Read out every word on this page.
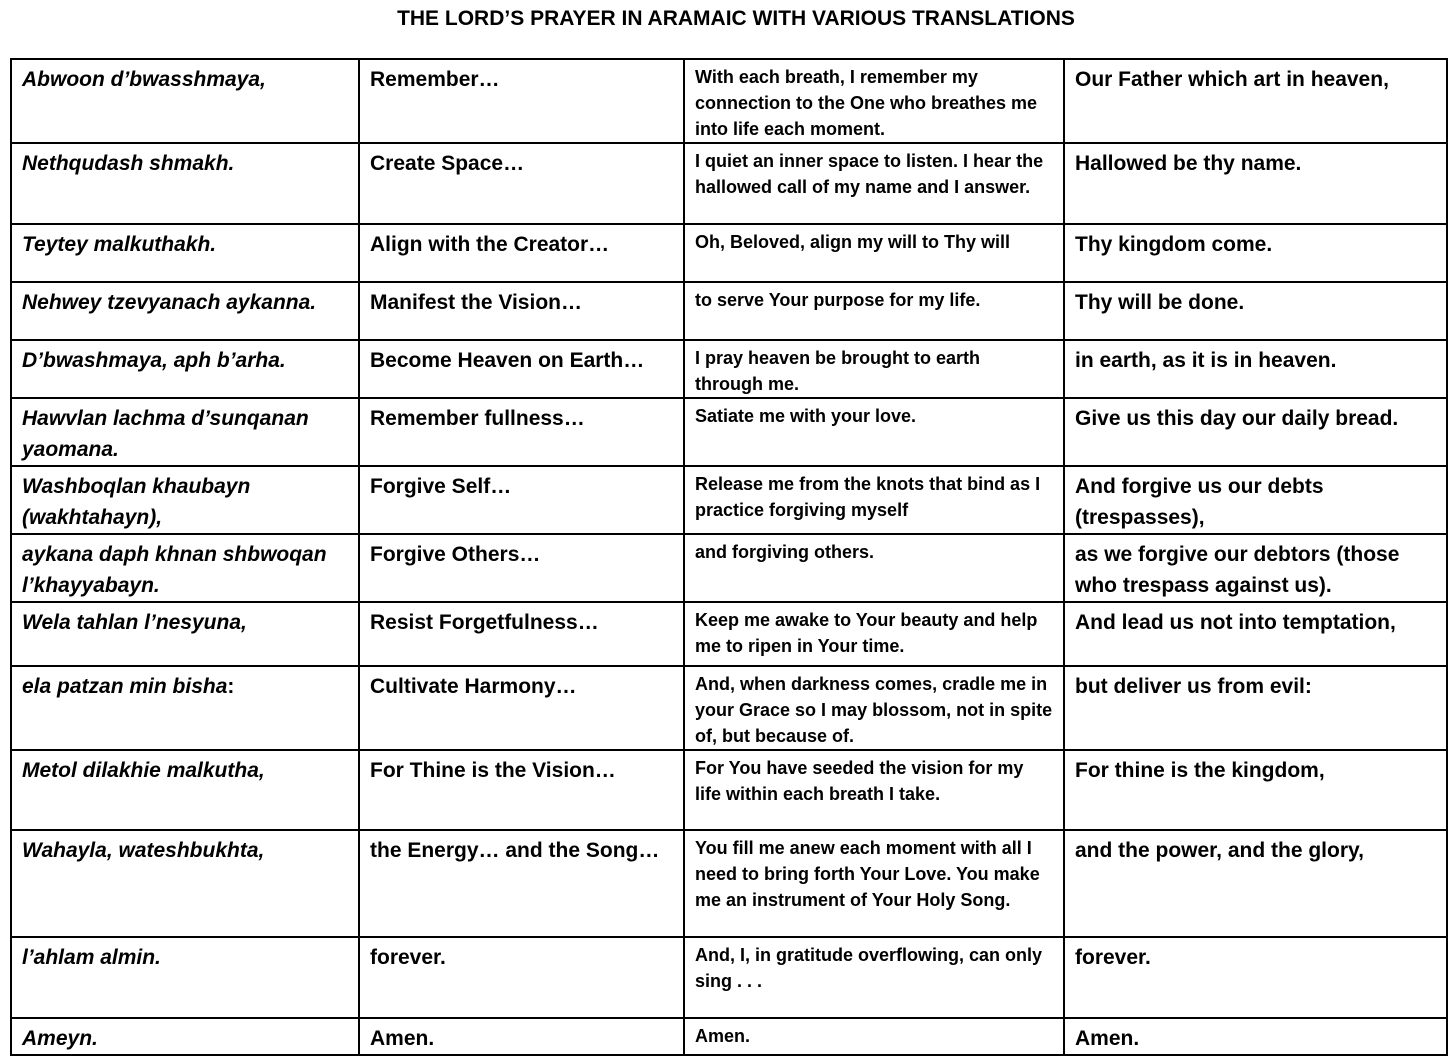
THE LORD’S PRAYER IN ARAMAIC WITH VARIOUS TRANSLATIONS
Abwoon d’bwasshmaya,	Remember…	With each breath, I remember my connection to the One who breathes me into life each moment.	Our Father which art in heaven,
Nethqudash shmakh.	Create Space…	I quiet an inner space to listen. I hear the hallowed call of my name and I answer.	Hallowed be thy name.
Teytey malkuthakh.	Align with the Creator…	Oh, Beloved, align my will to Thy will	Thy kingdom come.
Nehwey tzevyanach aykanna.	Manifest the Vision…	to serve Your purpose for my life.	Thy will be done.
D’bwashmaya, aph b’arha.	Become Heaven on Earth…	I pray heaven be brought to earth through me.	in earth, as it is in heaven.
Hawvlan lachma d’sunqanan yaomana.	Remember fullness…	Satiate me with your love.	Give us this day our daily bread.
Washboqlan khaubayn (wakhtahayn),	Forgive Self…	Release me from the knots that bind as I practice forgiving myself	And forgive us our debts (trespasses),
aykana daph khnan shbwoqan l’khayyabayn.	Forgive Others…	and forgiving others.	as we forgive our debtors (those who trespass against us).
Wela tahlan l’nesyuna,	Resist Forgetfulness…	Keep me awake to Your beauty and help me to ripen in Your time.	And lead us not into temptation,
ela patzan min bisha:	Cultivate Harmony…	And, when darkness comes, cradle me in your Grace so I may blossom, not in spite of, but because of.	but deliver us from evil:
Metol dilakhie malkutha,	For Thine is the Vision…	For You have seeded the vision for my life within each breath I take.	For thine is the kingdom,
Wahayla, wateshbukhta,	the Energy… and the Song…	You fill me anew each moment with all I need to bring forth Your Love. You make me an instrument of Your Holy Song.	and the power, and the glory,
l’ahlam almin.	forever.	And, I, in gratitude overflowing, can only sing . . .	forever.
Ameyn.	Amen.	Amen.	Amen.
